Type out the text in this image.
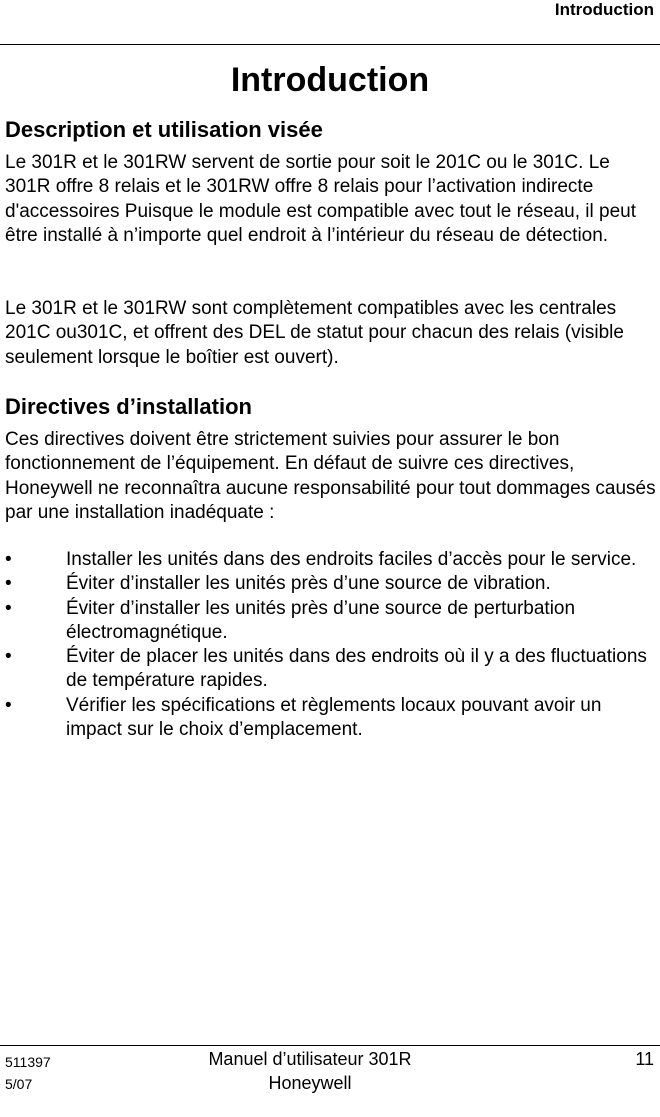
Introduction
Introduction
Description et utilisation visée

Le 301R et le 301RW servent de sortie pour soit le 201C ou le 301C. Le 301R offre 8 relais et le 301RW offre 8 relais pour l’activation indirecte d'accessoires Puisque le module est compatible avec tout le réseau, il peut être installé à n’importe quel endroit à l’intérieur du réseau de détection.

Le 301R et le 301RW sont complètement compatibles avec les centrales 201C ou301C, et offrent des DEL de statut pour chacun des relais (visible seulement lorsque le boîtier est ouvert).

Directives d’installation

Ces directives doivent être strictement suivies pour assurer le bon fonctionnement de l’équipement. En défaut de suivre ces directives, Honeywell ne reconnaîtra aucune responsabilité pour tout dommages causés par une installation inadéquate :

•	Installer les unités dans des endroits faciles d’accès pour le service.
•	Éviter d’installer les unités près d’une source de vibration.
•	Éviter d’installer les unités près d’une source de perturbation électromagnétique.
•	Éviter de placer les unités dans des endroits où il y a des fluctuations de température rapides.
•	Vérifier les spécifications et règlements locaux pouvant avoir un impact sur le choix d’emplacement.
511397
5/07
Manuel d’utilisateur 301R
Honeywell
11
